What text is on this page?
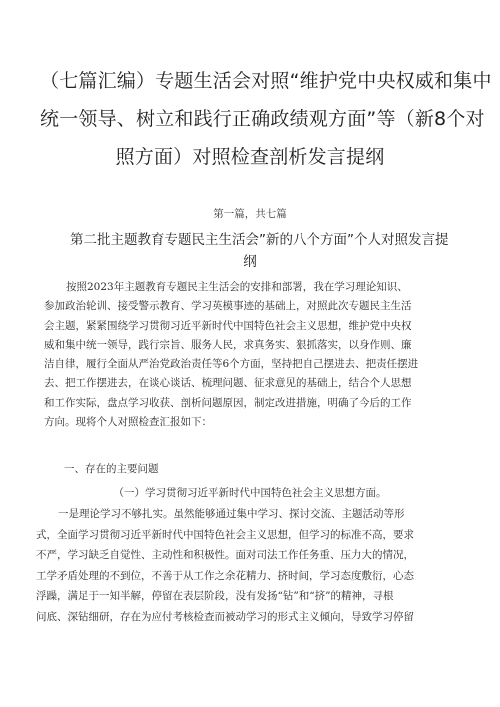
（七篇汇编）专题生活会对照“维护党中央权威和集中
统一领导、树立和践行正确政绩观方面”等（新8个对
照方面）对照检查剖析发言提纲
第一篇，共七篇
第二批主题教育专题民主生活会”新的八个方面”个人对照发言提
纲
按照2023年主题教育专题民主生活会的安排和部署，我在学习理论知识、
参加政治轮训、接受警示教育、学习英模事迹的基础上，对照此次专题民主生活
会主题，紧紧围绕学习贯彻习近平新时代中国特色社会主义思想，维护党中央权
威和集中统一领导，践行宗旨、服务人民，求真务实、狠抓落实，以身作则、廉
洁自律，履行全面从严治党政治责任等6个方面，坚持把自己摆进去、把责任摆进
去、把工作摆进去，在谈心谈话、梳理问题、征求意见的基础上，结合个人思想
和工作实际，盘点学习收获、剖析问题原因，制定改进措施，明确了今后的工作
方向。现将个人对照检查汇报如下：
一、存在的主要问题
（一）学习贯彻习近平新时代中国特色社会主义思想方面。
一是理论学习不够扎实。虽然能够通过集中学习、探讨交流、主题活动等形
式，全面学习贯彻习近平新时代中国特色社会主义思想，但学习的标准不高，要求
不严，学习缺乏自觉性、主动性和积极性。面对司法工作任务重、压力大的情况，
工学矛盾处理的不到位，不善于从工作之余花精力、挤时间，学习态度敷衍，心态
浮躁，满足于一知半解，停留在表层阶段，没有发扬“钻”和“挤”的精神，寻根
问底、深钻细研，存在为应付考核检查而被动学习的形式主义倾向，导致学习停留
